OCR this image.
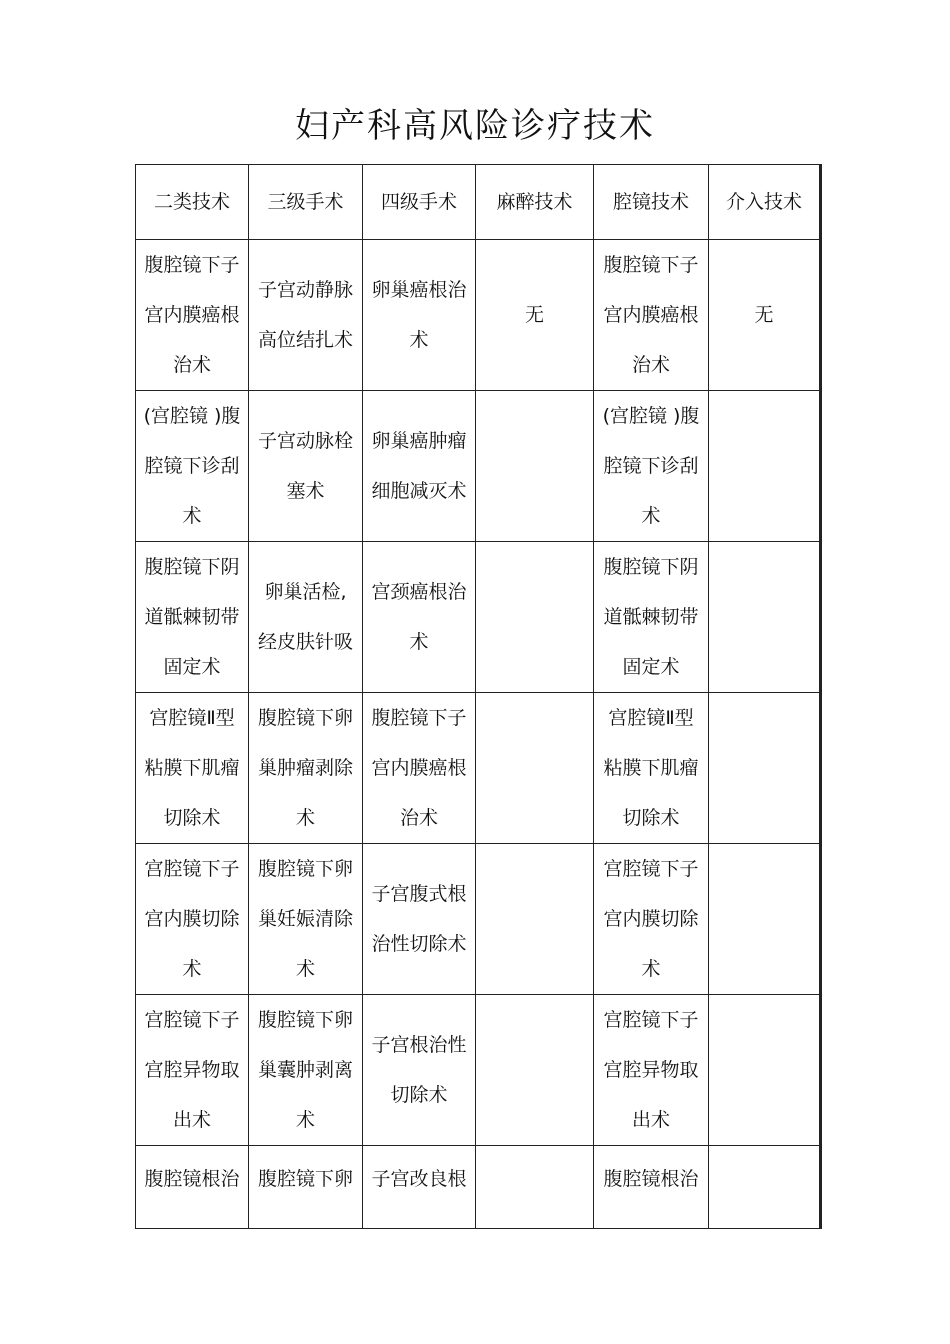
妇产科高风险诊疗技术
二类技术	三级手术	四级手术	麻醉技术	腔镜技术	介入技术
腹腔镜下子宫内膜癌根治术	子宫动静脉高位结扎术	卵巢癌根治术	无	腹腔镜下子宫内膜癌根治术	无
(宫腔镜 )腹腔镜下诊刮术	子宫动脉栓塞术	卵巢癌肿瘤细胞减灭术		(宫腔镜 )腹腔镜下诊刮术	
腹腔镜下阴道骶棘韧带固定术	卵巢活检,经皮肤针吸	宫颈癌根治术		腹腔镜下阴道骶棘韧带固定术	
宫腔镜Ⅱ型粘膜下肌瘤切除术	腹腔镜下卵巢肿瘤剥除术	腹腔镜下子宫内膜癌根治术		宫腔镜Ⅱ型粘膜下肌瘤切除术	
宫腔镜下子宫内膜切除术	腹腔镜下卵巢妊娠清除术	子宫腹式根治性切除术		宫腔镜下子宫内膜切除术	
宫腔镜下子宫腔异物取出术	腹腔镜下卵巢囊肿剥离术	子宫根治性切除术		宫腔镜下子宫腔异物取出术	
腹腔镜根治	腹腔镜下卵	子宫改良根		腹腔镜根治	
